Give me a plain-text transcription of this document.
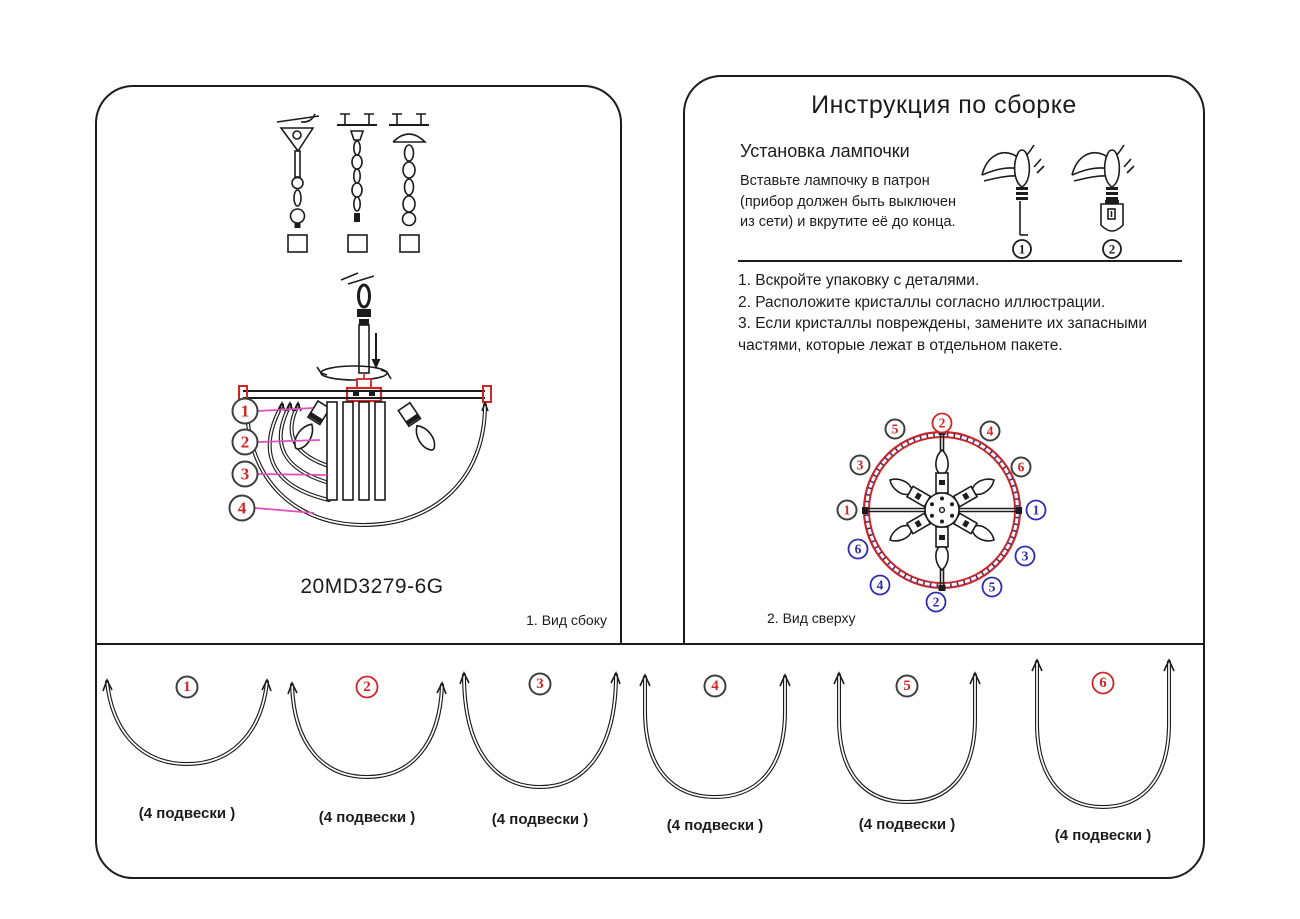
1
2
3
4
20MD3279-6G
1. Вид сбоку
Инструкция по сборке
Установка лампочки
Вставьте лампочку в патрон (прибор должен быть выключен из сети) и вкрутите её до конца.
1	2
1. Вскройте упаковку с деталями.
2. Расположите кристаллы согласно иллюстрации.
3. Если кристаллы повреждены, замените их запасными частями, которые лежат в отдельном пакете.
1
3
5	2
4
6
1
3
5
2
4
6
2. Вид сверху
1
(4 подвески )
2
(4 подвески )
3
(4 подвески )
4
(4 подвески )
5
(4 подвески )
6
(4 подвески )
